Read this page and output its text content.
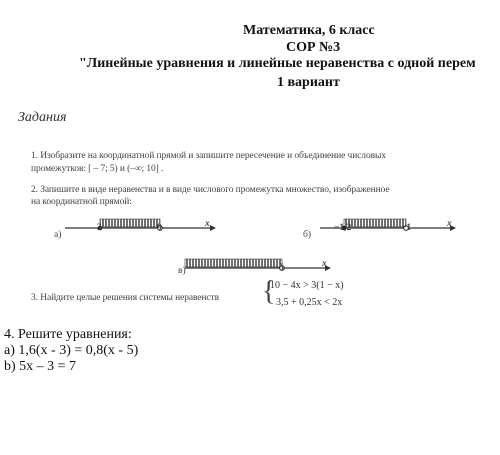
Математика, 6 класс
СОР №3
"Линейные уравнения и линейные неравенства с одной перем
1 вариант
Задания
1. Изобразите на координатной прямой и запишите пересечение и объединение числовых
промежутков: [ – 7; 5) и (–∞; 10] .
2. Запишите в виде неравенства и в виде числового промежутка множество, изображенное
на координатной прямой:
а)
3	9	x
б)
−1,2	−1	x
в)	5	x
3. Найдите целые решения системы неравенств {
10 − 4x > 3(1 − x)
3,5 + 0,25x < 2x
4. Решите уравнения:
а) 1,6(x - 3) = 0,8(x - 5)
b) 5x – 3 = 7
